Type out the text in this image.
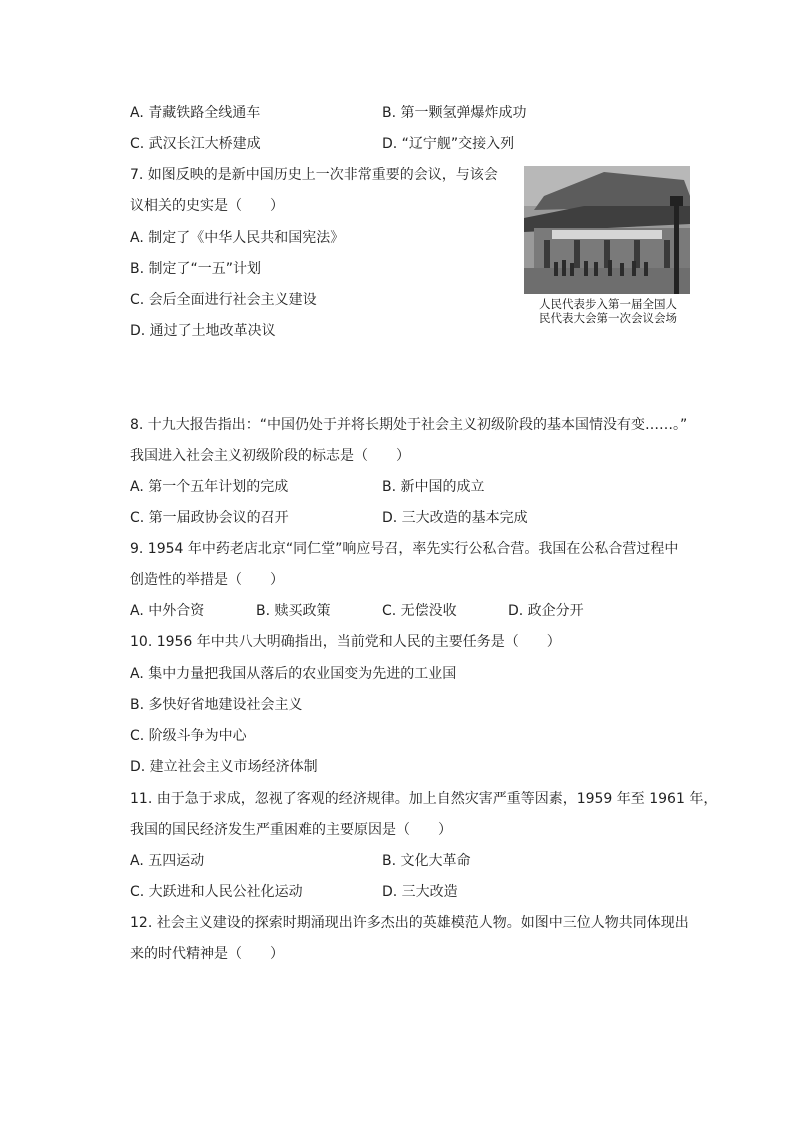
A. 青藏铁路全线通车	B. 第一颗氢弹爆炸成功
C. 武汉长江大桥建成	D. “辽宁舰”交接入列
7. 如图反映的是新中国历史上一次非常重要的会议，与该会
议相关的史实是（　　）
A. 制定了《中华人民共和国宪法》
B. 制定了“一五”计划
C. 会后全面进行社会主义建设
D. 通过了土地改革决议
人民代表步入第一届全国人
民代表大会第一次会议会场
8. 十九大报告指出：“中国仍处于并将长期处于社会主义初级阶段的基本国情没有变……。”
我国进入社会主义初级阶段的标志是（　　）
A. 第一个五年计划的完成	B. 新中国的成立
C. 第一届政协会议的召开	D. 三大改造的基本完成
9. 1954 年中药老店北京“同仁堂”响应号召，率先实行公私合营。我国在公私合营过程中
创造性的举措是（　　）
A. 中外合资	B. 赎买政策	C. 无偿没收	D. 政企分开
10. 1956 年中共八大明确指出，当前党和人民的主要任务是（　　）
A. 集中力量把我国从落后的农业国变为先进的工业国
B. 多快好省地建设社会主义
C. 阶级斗争为中心
D. 建立社会主义市场经济体制
11. 由于急于求成，忽视了客观的经济规律。加上自然灾害严重等因素，1959 年至 1961 年，
我国的国民经济发生严重困难的主要原因是（　　）
A. 五四运动	B. 文化大革命
C. 大跃进和人民公社化运动	D. 三大改造
12. 社会主义建设的探索时期涌现出许多杰出的英雄模范人物。如图中三位人物共同体现出
来的时代精神是（　　）
